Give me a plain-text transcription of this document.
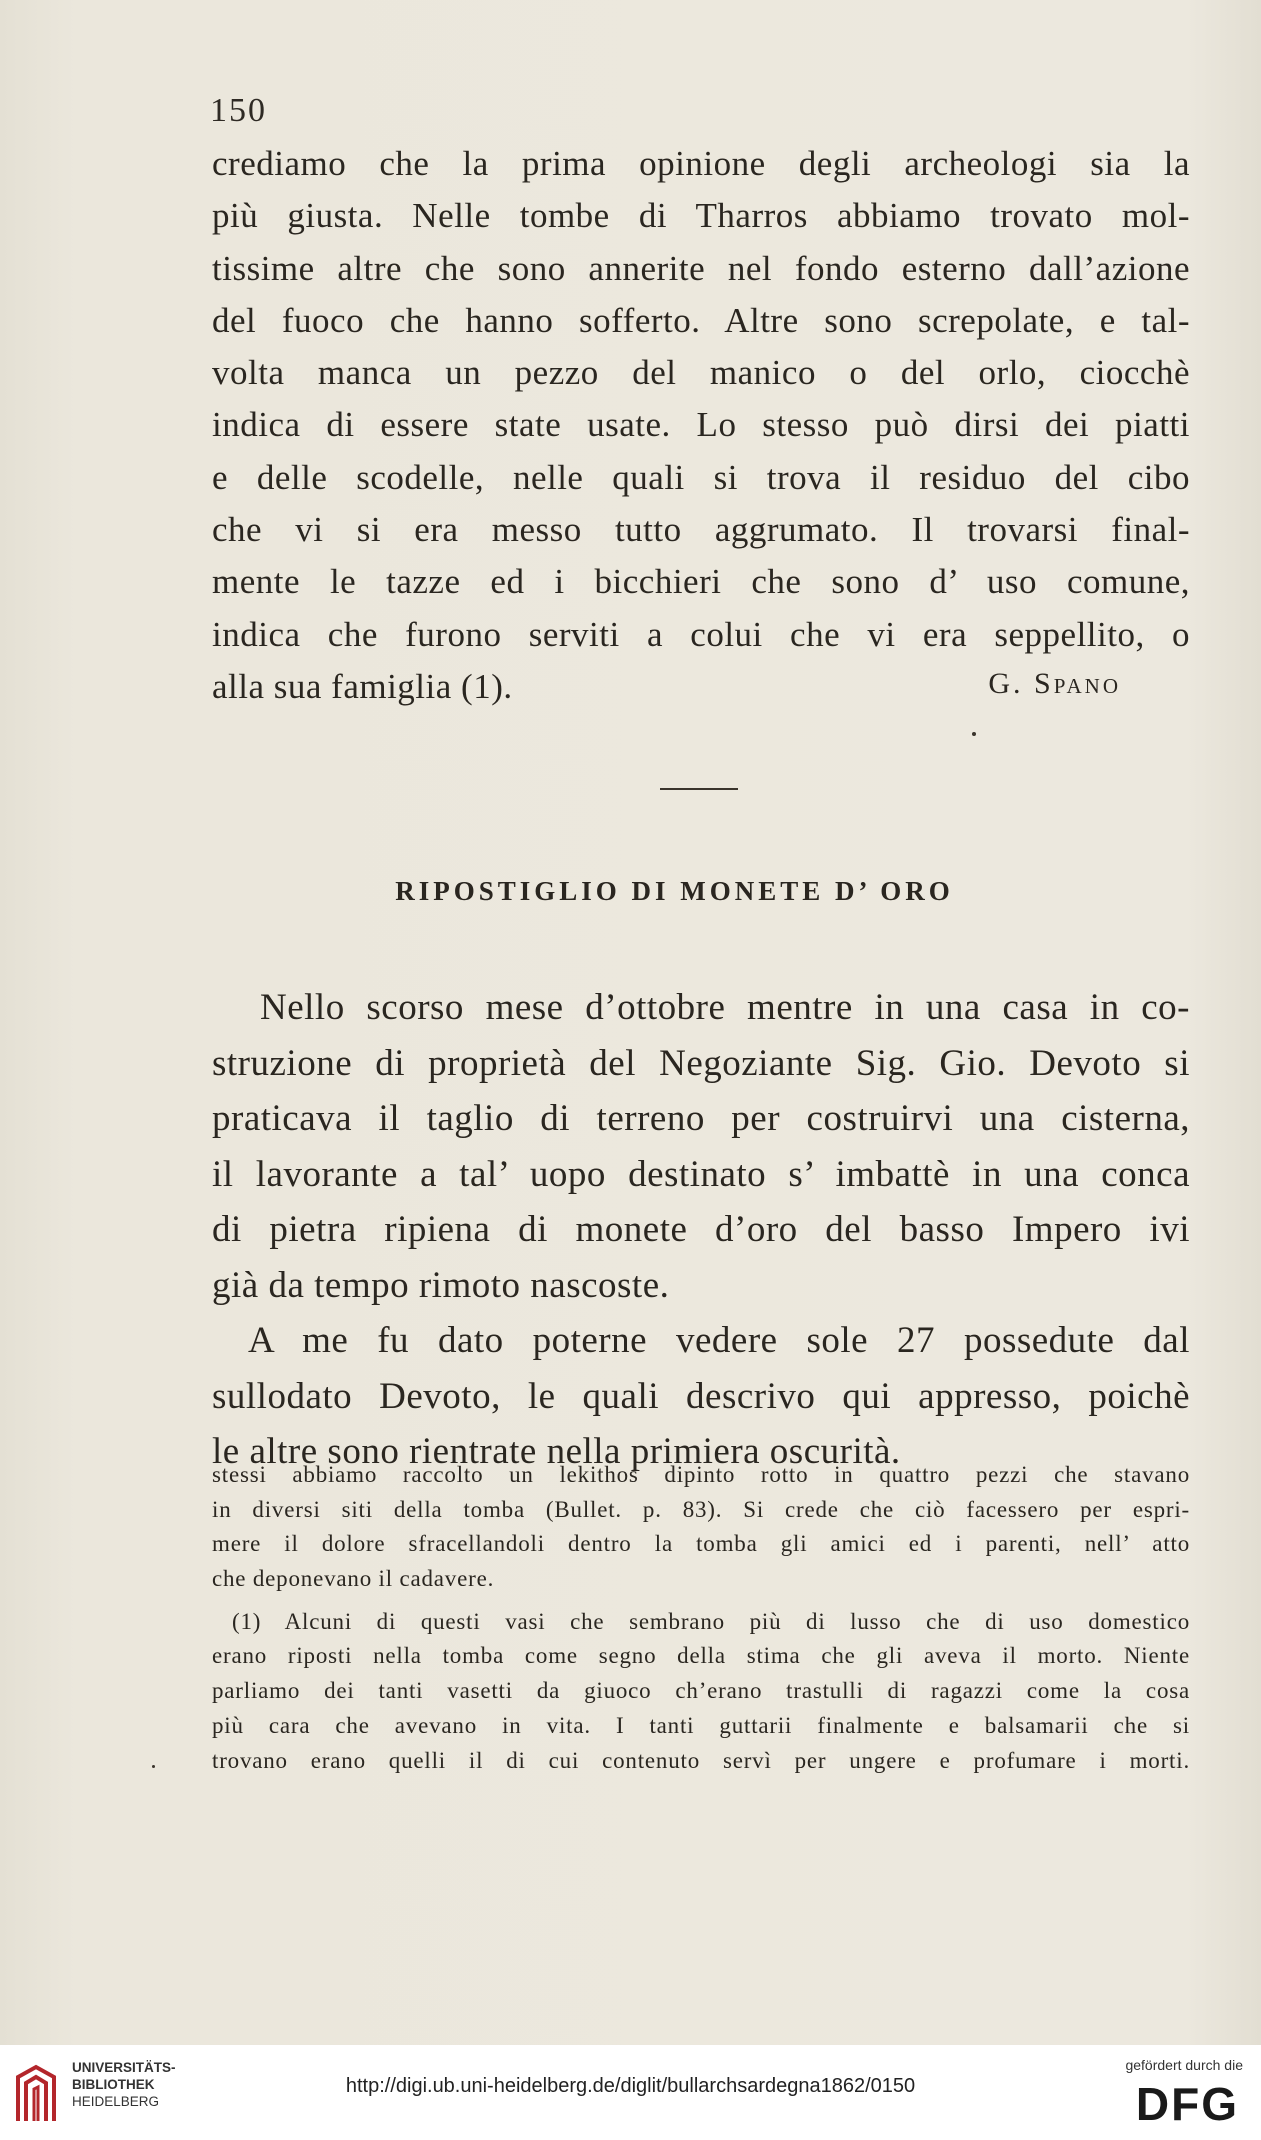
150
crediamo che la prima opinione degli archeologi sia la
più giusta. Nelle tombe di Tharros abbiamo trovato mol-
tissime altre che sono annerite nel fondo esterno dall’azione
del fuoco che hanno sofferto. Altre sono screpolate, e tal-
volta manca un pezzo del manico o del orlo, ciocchè
indica di essere state usate. Lo stesso può dirsi dei piatti
e delle scodelle, nelle quali si trova il residuo del cibo
che vi si era messo tutto aggrumato. Il trovarsi final-
mente le tazze ed i bicchieri che sono d’ uso comune,
indica che furono serviti a colui che vi era seppellito, o
alla sua famiglia (1).	G. Spano
RIPOSTIGLIO DI MONETE D’ ORO
Nello scorso mese d’ottobre mentre in una casa in co-
struzione di proprietà del Negoziante Sig. Gio. Devoto si
praticava il taglio di terreno per costruirvi una cisterna,
il lavorante a tal’ uopo destinato s’ imbattè in una conca
di pietra ripiena di monete d’oro del basso Impero ivi
già da tempo rimoto nascoste.
A me fu dato poterne vedere sole 27 possedute dal
sullodato Devoto, le quali descrivo qui appresso, poichè
le altre sono rientrate nella primiera oscurità.
stessi abbiamo raccolto un lekithos dipinto rotto in quattro pezzi che stavano
in diversi siti della tomba (Bullet. p. 83). Si crede che ciò facessero per espri-
mere il dolore sfracellandoli dentro la tomba gli amici ed i parenti, nell’ atto
che deponevano il cadavere.
(1) Alcuni di questi vasi che sembrano più di lusso che di uso domestico
erano riposti nella tomba come segno della stima che gli aveva il morto. Niente
parliamo dei tanti vasetti da giuoco ch’erano trastulli di ragazzi come la cosa
più cara che avevano in vita. I tanti guttarii finalmente e balsamarii che si
trovano erano quelli il di cui contenuto servì per ungere e profumare i morti.
UNIVERSITÄTS-
BIBLIOTHEK
HEIDELBERG
http://digi.ub.uni-heidelberg.de/diglit/bullarchsardegna1862/0150
gefördert durch die
DFG
